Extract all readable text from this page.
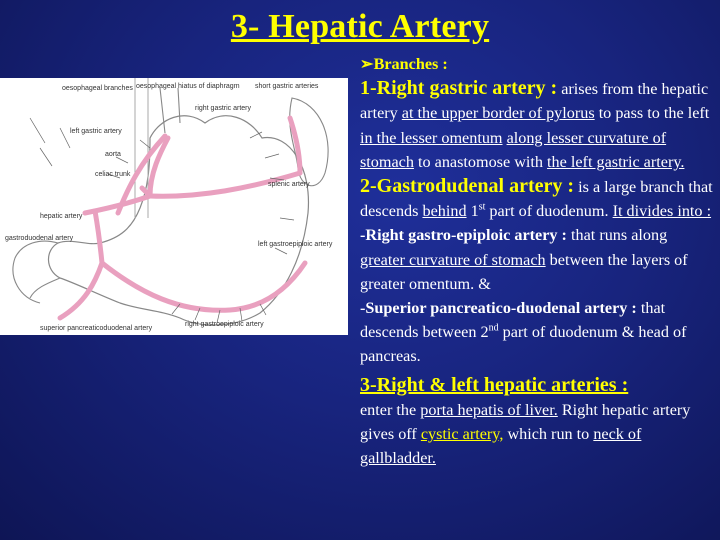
3- Hepatic Artery
oesophageal branches oesophageal hiatus of diaphragm
right gastric artery
short gastric arteries
left gastric artery
aorta
celiac trunk
splenic artery
hepatic artery
gastroduodenal artery
left gastroepiploic artery
superior pancreaticoduodenal artery
right gastroepiploic artery

➢Branches :

1-Right gastric artery : arises from the hepatic artery at the upper border of pylorus to pass to the left in the lesser omentum along lesser curvature of stomach to anastomose with the left gastric artery.

2-Gastrodudenal artery : is a large branch that descends behind 1st part of duodenum. It divides into :

-Right gastro-epiploic artery : that runs along greater curvature of stomach between the layers of greater omentum. &

-Superior pancreatico-duodenal artery : that descends between 2nd part of duodenum & head of pancreas.

3-Right & left hepatic arteries :
enter the porta hepatis of liver. Right hepatic artery gives off cystic artery, which run to neck of gallbladder.
